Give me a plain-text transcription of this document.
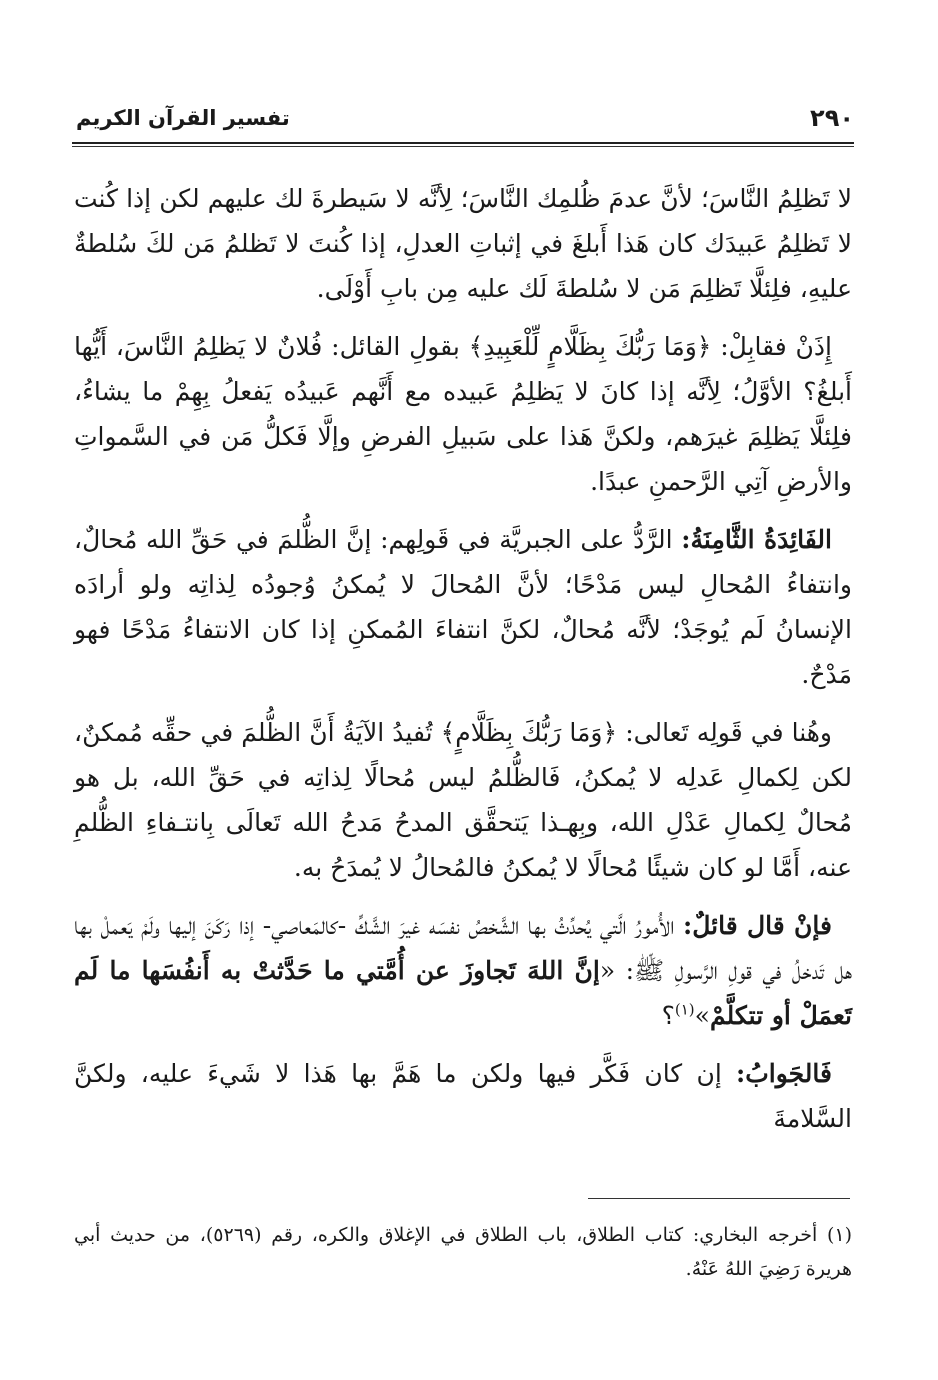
٢٩٠
تفسير القرآن الكريم

لا تَظلِمُ النَّاسَ؛ لأنَّ عدمَ ظُلمِك النَّاسَ؛ لِأنَّه لا سَيطرةَ لك عليهم لكن إذا كُنت لا تَظلِمُ عَبيدَك كان هَذا أَبلغَ في إثباتِ العدلِ، إذا كُنتَ لا تَظلمُ مَن لكَ سُلطةٌ عليهِ، فلِئلَّا تَظلِمَ مَن لا سُلطةَ لَك عليه مِن بابِ أَوْلَى.

إِذَنْ فقابِلْ: ﴿وَمَا رَبُّكَ بِظَلَّامٍ لِّلْعَبِيدِ﴾ بقولِ القائل: فُلانٌ لا يَظلِمُ النَّاسَ، أَيُّها أَبلغُ؟ الأوَّلُ؛ لِأنَّه إذا كانَ لا يَظلِمُ عَبيده مع أَنَّهم عَبيدُه يَفعلُ بِهِمْ ما يشاءُ، فلِئلَّا يَظلِمَ غيرَهم، ولكنَّ هَذا على سَبيلِ الفرضِ وإلَّا فَكلُّ مَن في السَّمواتِ والأرضِ آتِي الرَّحمنِ عبدًا.

الفَائِدَةُ الثَّامِنَةُ: الرَّدُّ على الجبريَّة في قَولِهم: إنَّ الظُّلمَ في حَقِّ الله مُحالٌ، وانتفاءُ المُحالِ ليس مَدْحًا؛ لأنَّ المُحالَ لا يُمكنُ وُجودُه لِذاتِه ولو أرادَه الإنسانُ لَم يُوجَدْ؛ لأنَّه مُحالٌ، لكنَّ انتفاءَ المُمكنِ إذا كان الانتفاءُ مَدْحًا فهو مَدْحٌ.

وهُنا في قَولِه تَعالى: ﴿وَمَا رَبُّكَ بِظَلَّامٍ﴾ تُفيدُ الآيَةُ أَنَّ الظُّلمَ في حقِّه مُمكنٌ، لكن لِكمالِ عَدلِه لا يُمكنُ، فَالظُّلمُ ليس مُحالًا لِذاتِه في حَقِّ الله، بل هو مُحالٌ لِكمالِ عَدْلِ الله، وبِهـذا يَتحقَّق المدحُ مَدحُ الله تَعالَى بِانتـفاءِ الظُّلمِ عنه، أَمَّا لو كان شيئًا مُحالًا لا يُمكنُ فالمُحالُ لا يُمدَحُ به.

فإنْ قال قائلٌ: الأُمورُ الَّتي يُحدِّثُ بها الشَّخصُ نفسَه غيرَ الشَّكِّ -كالمَعاصي- إذا رَكَنَ إليها ولَمْ يَعملْ بها هل تَدخلُ في قولِ الرَّسولِ ﷺ: «إنَّ اللهَ تَجاوزَ عن أُمَّتي ما حَدَّثتْ به أَنفُسَها ما لَم تَعمَلْ أو تتكلَّمْ»$^{(١)}$؟

فَالجَوابُ: إن كان فَكَّر فيها ولكن ما هَمَّ بها هَذا لا شَيءَ عليه، ولكنَّ السَّلامةَ

(١) أخرجه البخاري: كتاب الطلاق، باب الطلاق في الإغلاق والكره، رقم (٥٢٦٩)، من حديث أبي هريرة رَضِيَ اللهُ عَنْهُ.
